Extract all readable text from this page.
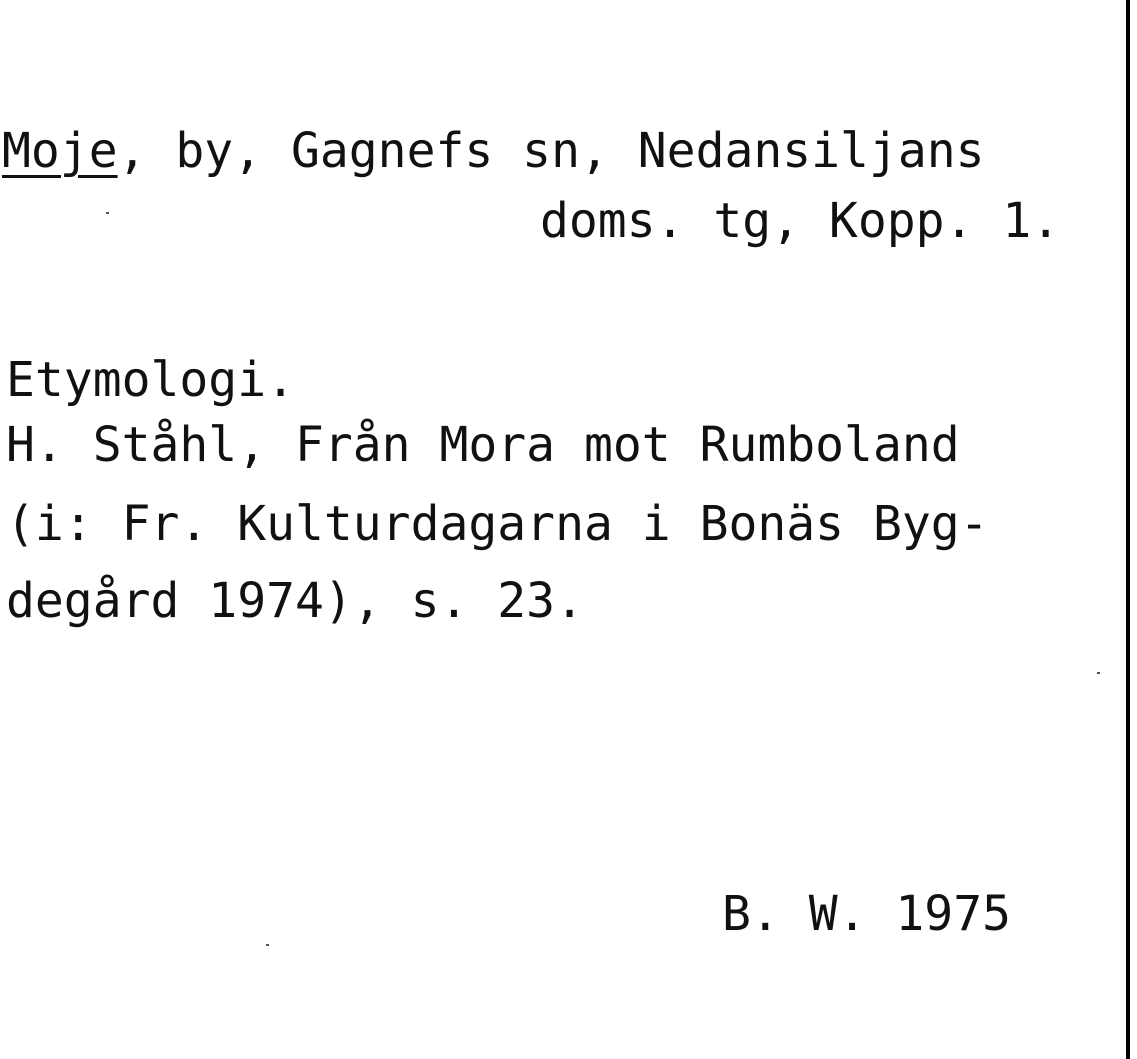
Moje, by, Gagnefs sn, Nedansiljans
doms. tg, Kopp. 1.
Etymologi.
H. Ståhl, Från Mora mot Rumboland
(i: Fr. Kulturdagarna i Bonäs Byg-
degård 1974), s. 23.
B. W. 1975
